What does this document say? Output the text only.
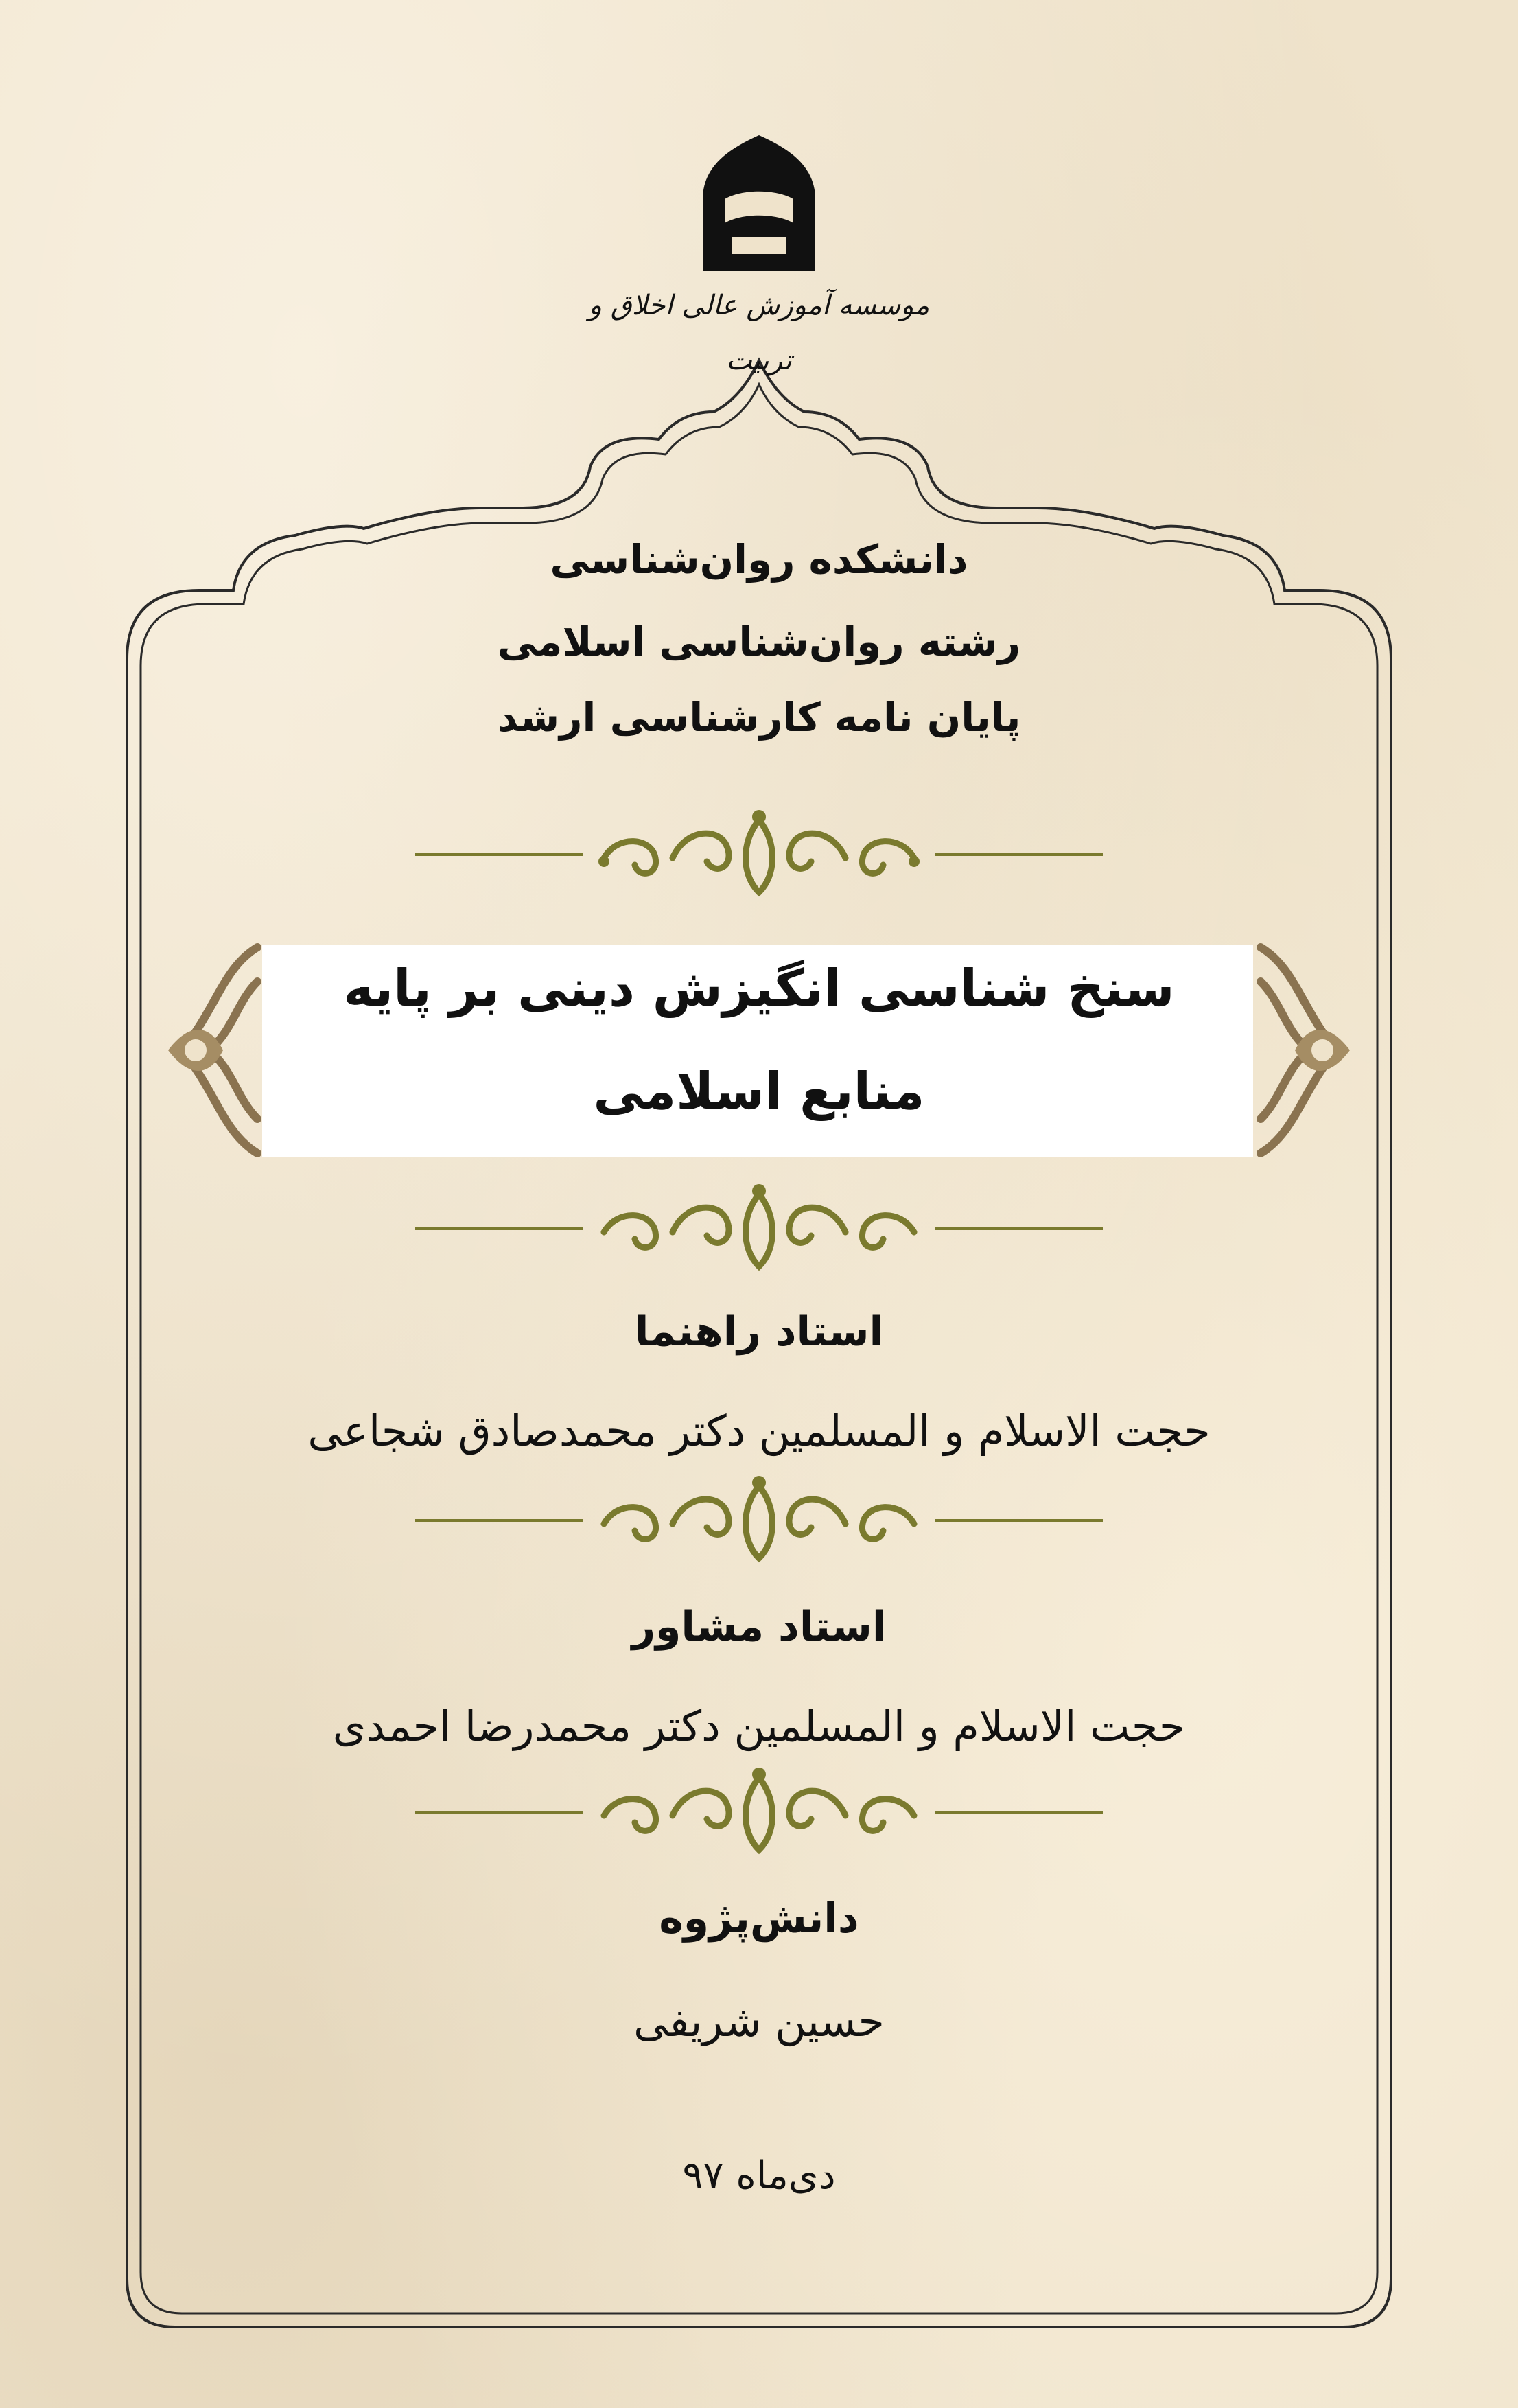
موسسه آموزش عالی اخلاق و تربیت
دانشکده روان‌شناسی
رشته روان‌شناسی اسلامی
پایان نامه کارشناسی ارشد
سنخ شناسی انگیزش دینی بر پایه
منابع اسلامی
استاد راهنما
حجت الاسلام و المسلمین دکتر محمدصادق شجاعی
استاد مشاور
حجت الاسلام و المسلمین دکتر محمدرضا احمدی
دانش‌پژوه
حسین شریفی
دی‌ماه ۹۷
